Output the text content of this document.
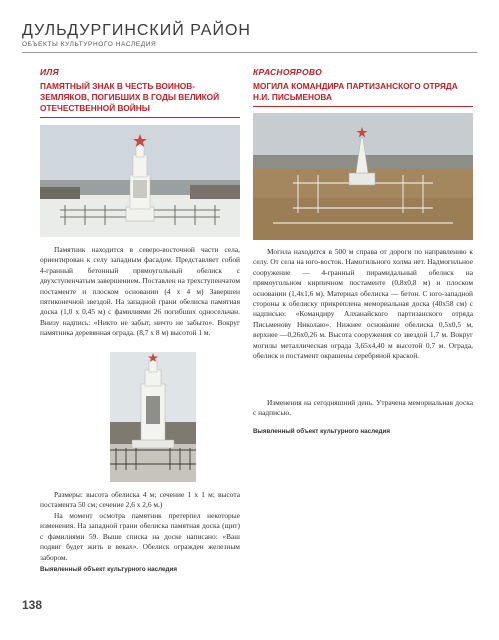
ДУЛЬДУРГИНСКИЙ РАЙОН
ОБЪЕКТЫ КУЛЬТУРНОГО НАСЛЕДИЯ
ИЛЯ
ПАМЯТНЫЙ ЗНАК В ЧЕСТЬ ВОИНОВ-ЗЕМЛЯКОВ, ПОГИБШИХ В ГОДЫ ВЕЛИКОЙ ОТЕЧЕСТВЕННОЙ ВОЙНЫ

Памятник находится в северо-восточной части села, ориентирован к селу западным фасадом. Представляет собой 4-гранный бетонный прямоугольный обелиск с двухступенчатым завершением. Поставлен на трехступенчатом постаменте и плоском основании (4 х 4 м) Завершен пятиконечной звездой. На западной грани обелиска памятная доска (1,0 х 0,45 м) с фамилиями 26 погибших односельчан. Внизу надпись: «Никто не забыт, ничто не забыто». Вокруг памятника деревянная ограда. (8,7 х 8 м) высотой 1 м.

Размеры: высота обелиска 4 м; сечение 1 х 1 м; высота постамента 50 см; сечение 2,6 х 2,6 м.)

На момент осмотра памятник претерпел некоторые изменения. На западной грани обелиска памятная доска (щит) с фамилиями 59. Выше списка на доске написано: «Ваш подвиг будет жить в веках». Обелиск огражден железным забором.

Выявленный объект культурного наследия
КРАСНОЯРОВО
МОГИЛА КОМАНДИРА ПАРТИЗАНСКОГО ОТРЯДА Н.И. ПИСЬМЕНОВА

Могила находится в 500 м справа от дороги по направлению к селу. От села на юго-восток. Намогильного холма нет. Надмогильное сооружение — 4-гранный пирамидальный обелиск на прямоугольном кирпичном постаменте (0,8х0,8 м) и плоском основании (1,4х1,6 м). Материал обелиска — бетон. С юго-западной стороны к обелиску прикреплена мемориальная доска (40х58 см) с надписью: «Командиру Алханайского партизанского отряда Письменову Николаю». Нижнее основание обелиска 0,5х0,5 м, верхнее —0,26х0,26 м. Высота сооружения со звездой 1,7 м. Вокруг могилы металлическая ограда 3,65х4,40 м высотой 0,7 м. Ограда, обелиск и постамент окрашены серебряной краской.

Изменения на сегодняшний день. Утрачена мемориальная доска с надписью.

Выявленный объект культурного наследия
138
